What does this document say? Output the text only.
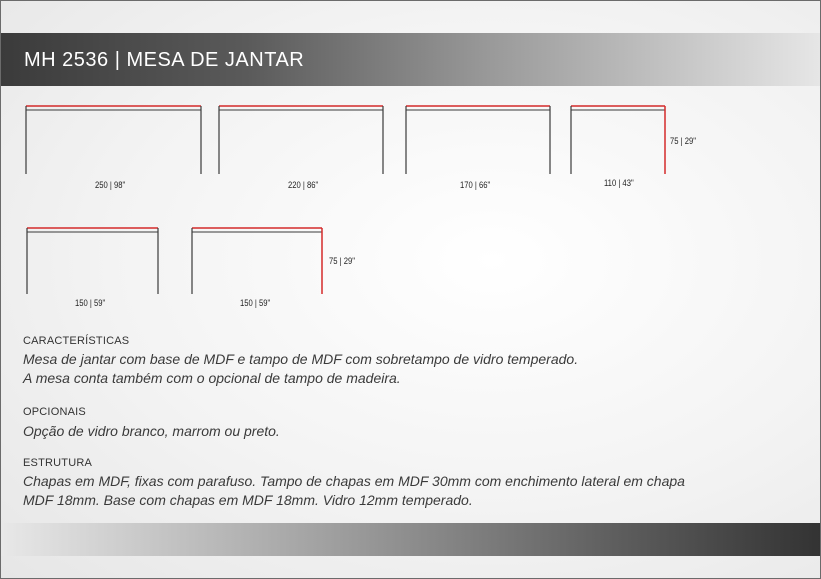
MH 2536 | MESA DE JANTAR
250 | 98"	220 | 86"	170 | 66"	110 | 43"
75 | 29"
150 | 59"	150 | 59"
75 | 29"
CARACTERÍSTICAS
Mesa de jantar com base de MDF e tampo de MDF com sobretampo de vidro temperado.
A mesa conta também com o opcional de tampo de madeira.
OPCIONAIS
Opção de vidro branco, marrom ou preto.
ESTRUTURA
Chapas em MDF, fixas com parafuso. Tampo de chapas em MDF 30mm com enchimento lateral em chapa
MDF 18mm. Base com chapas em MDF 18mm. Vidro 12mm temperado.
